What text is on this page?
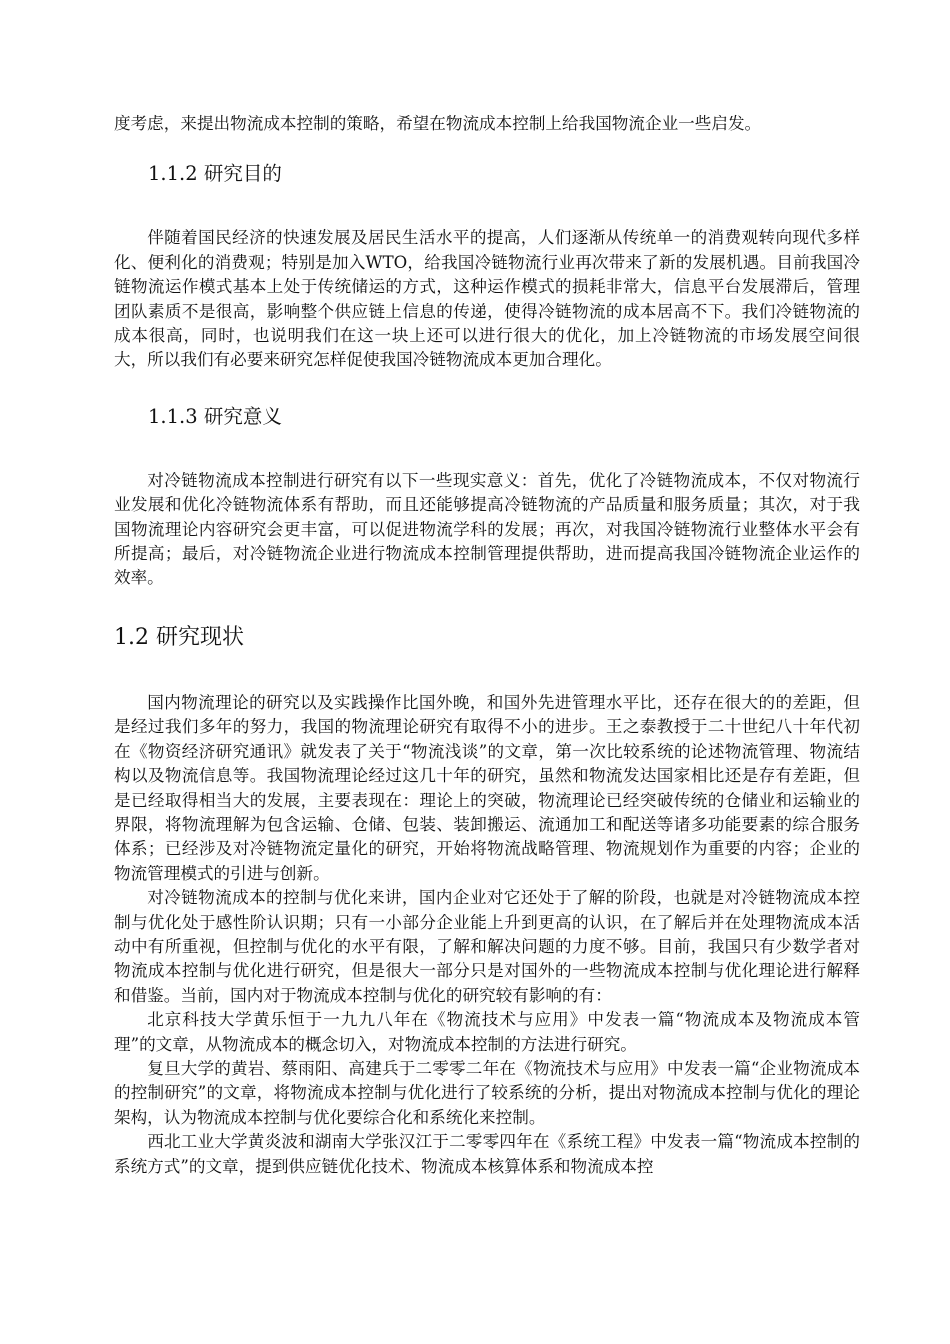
度考虑，来提出物流成本控制的策略，希望在物流成本控制上给我国物流企业一些启发。

1.1.2 研究目的

伴随着国民经济的快速发展及居民生活水平的提高，人们逐渐从传统单一的消费观转向现代多样化、便利化的消费观；特别是加入WTO，给我国冷链物流行业再次带来了新的发展机遇。目前我国冷链物流运作模式基本上处于传统储运的方式，这种运作模式的损耗非常大，信息平台发展滞后，管理团队素质不是很高，影响整个供应链上信息的传递，使得冷链物流的成本居高不下。我们冷链物流的成本很高，同时，也说明我们在这一块上还可以进行很大的优化，加上冷链物流的市场发展空间很大，所以我们有必要来研究怎样促使我国冷链物流成本更加合理化。

1.1.3 研究意义

对冷链物流成本控制进行研究有以下一些现实意义：首先，优化了冷链物流成本，不仅对物流行业发展和优化冷链物流体系有帮助，而且还能够提高冷链物流的产品质量和服务质量；其次，对于我国物流理论内容研究会更丰富，可以促进物流学科的发展；再次，对我国冷链物流行业整体水平会有所提高；最后，对冷链物流企业进行物流成本控制管理提供帮助，进而提高我国冷链物流企业运作的效率。

1.2 研究现状

国内物流理论的研究以及实践操作比国外晚，和国外先进管理水平比，还存在很大的的差距，但是经过我们多年的努力，我国的物流理论研究有取得不小的进步。王之泰教授于二十世纪八十年代初在《物资经济研究通讯》就发表了关于“物流浅谈”的文章，第一次比较系统的论述物流管理、物流结构以及物流信息等。我国物流理论经过这几十年的研究，虽然和物流发达国家相比还是存有差距，但是已经取得相当大的发展，主要表现在：理论上的突破，物流理论已经突破传统的仓储业和运输业的界限，将物流理解为包含运输、仓储、包装、装卸搬运、流通加工和配送等诸多功能要素的综合服务体系；已经涉及对冷链物流定量化的研究，开始将物流战略管理、物流规划作为重要的内容；企业的物流管理模式的引进与创新。

对冷链物流成本的控制与优化来讲，国内企业对它还处于了解的阶段，也就是对冷链物流成本控制与优化处于感性阶认识期；只有一小部分企业能上升到更高的认识，在了解后并在处理物流成本活动中有所重视，但控制与优化的水平有限，了解和解决问题的力度不够。目前，我国只有少数学者对物流成本控制与优化进行研究，但是很大一部分只是对国外的一些物流成本控制与优化理论进行解释和借鉴。当前，国内对于物流成本控制与优化的研究较有影响的有：

北京科技大学黄乐恒于一九九八年在《物流技术与应用》中发表一篇“物流成本及物流成本管理”的文章，从物流成本的概念切入，对物流成本控制的方法进行研究。

复旦大学的黄岩、蔡雨阳、高建兵于二零零二年在《物流技术与应用》中发表一篇“企业物流成本的控制研究”的文章，将物流成本控制与优化进行了较系统的分析，提出对物流成本控制与优化的理论架构，认为物流成本控制与优化要综合化和系统化来控制。

西北工业大学黄炎波和湖南大学张汉江于二零零四年在《系统工程》中发表一篇“物流成本控制的系统方式”的文章，提到供应链优化技术、物流成本核算体系和物流成本控
